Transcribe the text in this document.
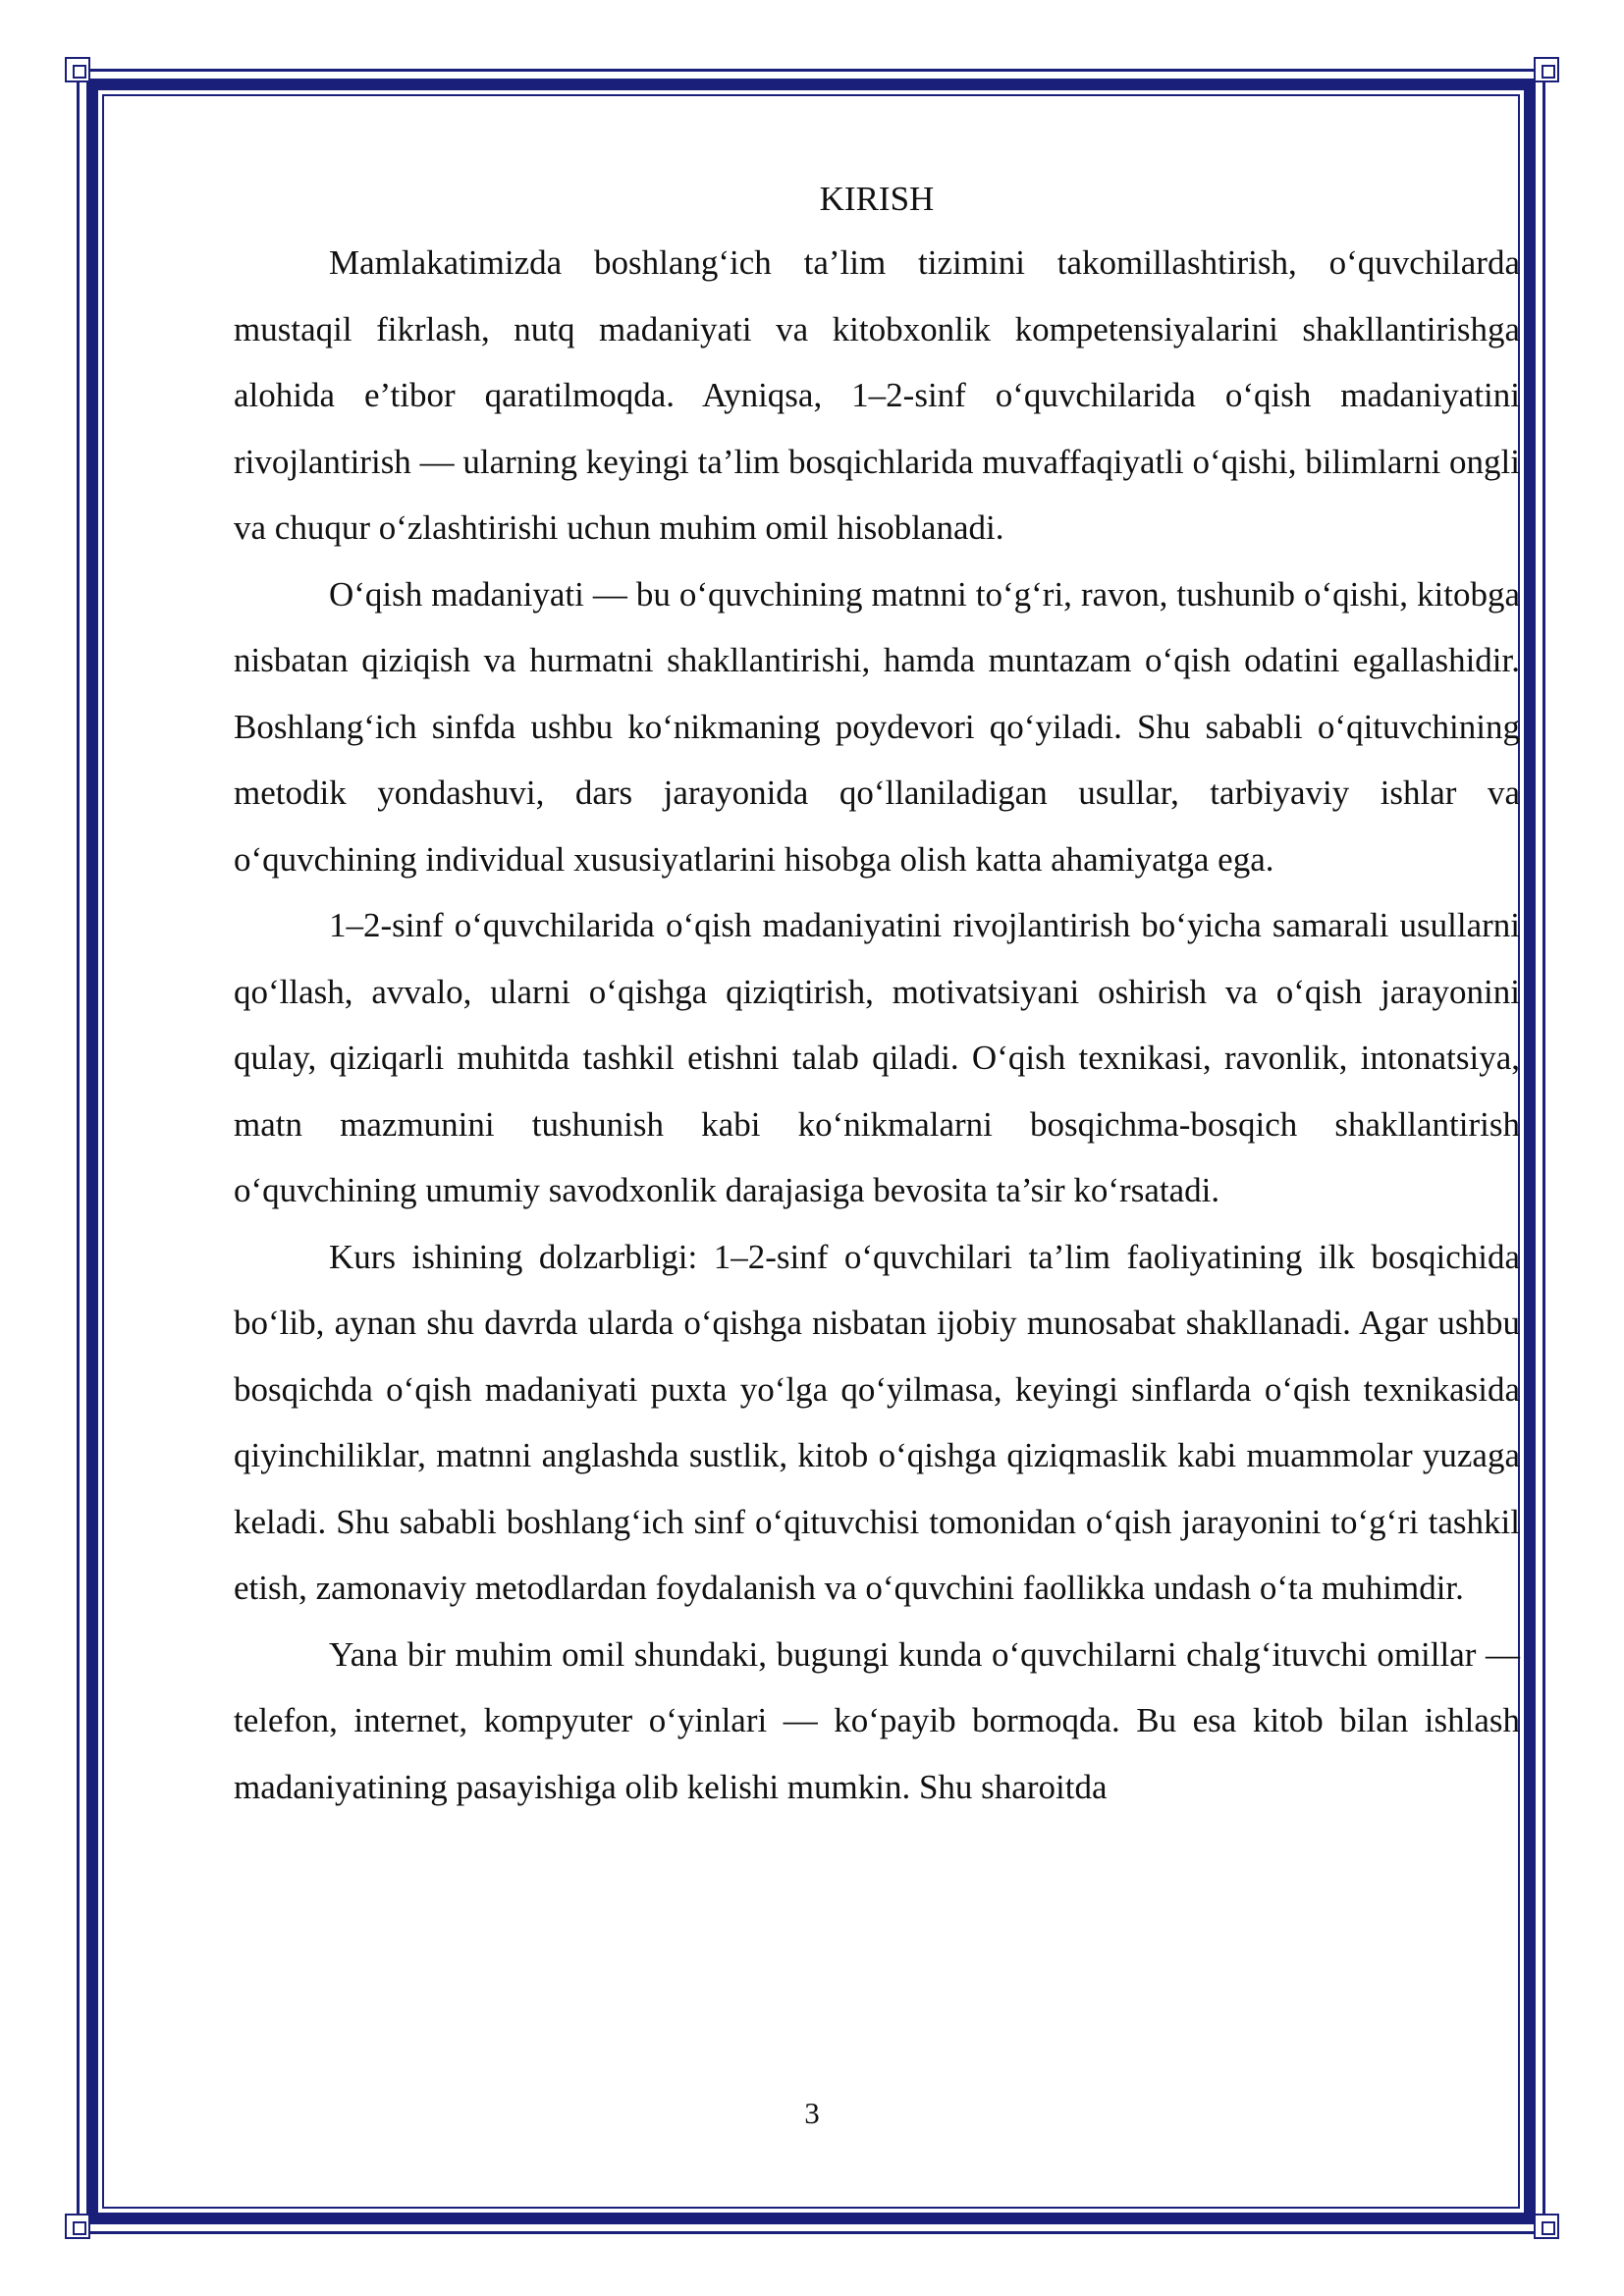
KIRISH

Mamlakatimizda boshlang‘ich ta’lim tizimini takomillashtirish, o‘quvchilarda mustaqil fikrlash, nutq madaniyati va kitobxonlik kompetensiyalarini shakllantirishga alohida e’tibor qaratilmoqda. Ayniqsa, 1–2-sinf o‘quvchilarida o‘qish madaniyatini rivojlantirish — ularning keyingi ta’lim bosqichlarida muvaffaqiyatli o‘qishi, bilimlarni ongli va chuqur o‘zlashtirishi uchun muhim omil hisoblanadi.

O‘qish madaniyati — bu o‘quvchining matnni to‘g‘ri, ravon, tushunib o‘qishi, kitobga nisbatan qiziqish va hurmatni shakllantirishi, hamda muntazam o‘qish odatini egallashidir. Boshlang‘ich sinfda ushbu ko‘nikmaning poydevori qo‘yiladi. Shu sababli o‘qituvchining metodik yondashuvi, dars jarayonida qo‘llaniladigan usullar, tarbiyaviy ishlar va o‘quvchining individual xususiyatlarini hisobga olish katta ahamiyatga ega.

1–2-sinf o‘quvchilarida o‘qish madaniyatini rivojlantirish bo‘yicha samarali usullarni qo‘llash, avvalo, ularni o‘qishga qiziqtirish, motivatsiyani oshirish va o‘qish jarayonini qulay, qiziqarli muhitda tashkil etishni talab qiladi. O‘qish texnikasi, ravonlik, intonatsiya, matn mazmunini tushunish kabi ko‘nikmalarni bosqichma-bosqich shakllantirish o‘quvchining umumiy savodxonlik darajasiga bevosita ta’sir ko‘rsatadi.

Kurs ishining dolzarbligi: 1–2-sinf o‘quvchilari ta’lim faoliyatining ilk bosqichida bo‘lib, aynan shu davrda ularda o‘qishga nisbatan ijobiy munosabat shakllanadi. Agar ushbu bosqichda o‘qish madaniyati puxta yo‘lga qo‘yilmasa, keyingi sinflarda o‘qish texnikasida qiyinchiliklar, matnni anglashda sustlik, kitob o‘qishga qiziqmaslik kabi muammolar yuzaga keladi. Shu sababli boshlang‘ich sinf o‘qituvchisi tomonidan o‘qish jarayonini to‘g‘ri tashkil etish, zamonaviy metodlardan foydalanish va o‘quvchini faollikka undash o‘ta muhimdir.

Yana bir muhim omil shundaki, bugungi kunda o‘quvchilarni chalg‘ituvchi omillar — telefon, internet, kompyuter o‘yinlari — ko‘payib bormoqda. Bu esa kitob bilan ishlash madaniyatining pasayishiga olib kelishi mumkin. Shu sharoitda

3
